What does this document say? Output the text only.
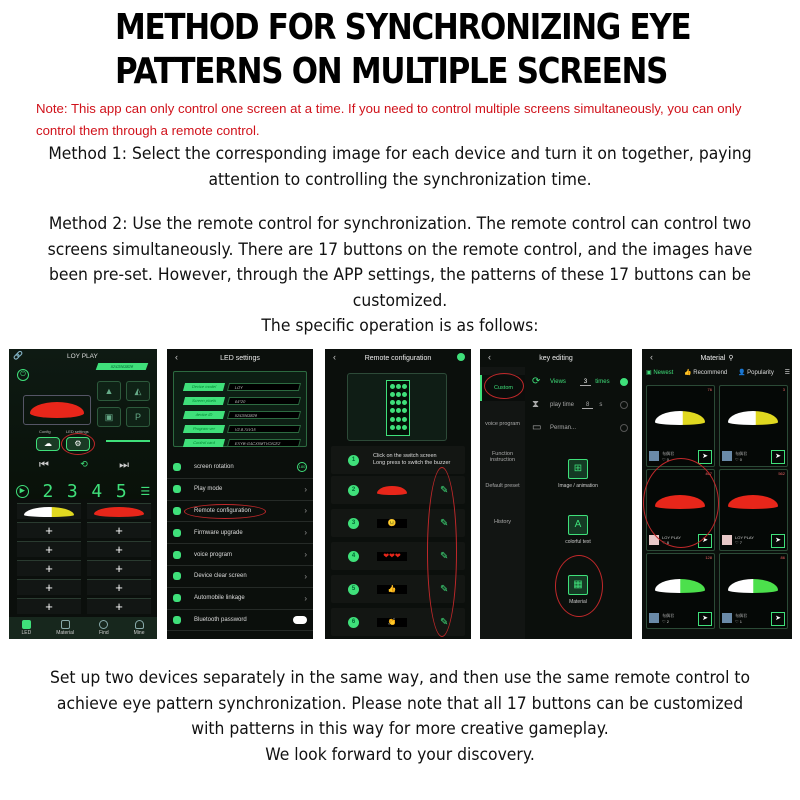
METHOD FOR SYNCHRONIZING EYE
PATTERNS ON MULTIPLE SCREENS
Note: This app can only control one screen at a time. If you need to control multiple screens simultaneously, you can only control them through a remote control.
Method 1: Select the corresponding image for each device and turn it on together, paying attention to controlling the synchronization time.
Method 2: Use the remote control for synchronization. The remote control can control two screens simultaneously. There are 17 buttons on the remote control, and the images have been pre-set. However, through the APP settings, the patterns of these 17 buttons can be customized.
The specific operation is as follows:
🔗	LOY PLAY
5243063829
⏻
▲	◭
▣	P
Config	LED settings
☁	⚙
⏮	⟲	⏭
▶ 2 3 4 5 ☰
+	+
+	+
+	+
+	+
+	+
LED	Material	Find	Mine
‹	LED settings
Device model	LOY
Screen pixels	64*20
device ID	5243063829
Program ver	V2.8.7#V15
Control card	EXYB-G4CX5MTVOICE2
screen rotation	180
Play mode	›
Remote configuration	›
Firmware upgrade	›
voice program	›
Device clear screen	›
Automobile linkage	›
Bluetooth password
‹	Remote configuration
1
Click on the switch screen
Long press to switch the buzzer
2	✎
3	😐	✎
4	❤❤❤	✎
5	👍	✎
6	👏	✎
‹	key editing
Custom
voice program
Function instruction
Default preset
History
⟳ Views	3	times
⧗	play time	8	s
▭ Perman...
⊞
Image / animation
A
colorful text
▦
Material
‹	Material ⚲
▣ Newest 👍 Recommend 👤 Popularity ☰
76
布偶君
♡ 0	➤
3
布偶君
♡ 0	➤
467
LOY PLAY
♡ 8	➤
562
LOY PLAY
♡ 7	➤
128
布偶君
♡ 2	➤
86
布偶君
♡ 1	➤
Set up two devices separately in the same way, and then use the same remote control to achieve eye pattern synchronization. Please note that all 17 buttons can be customized with patterns in this way for more creative gameplay.
We look forward to your discovery.
